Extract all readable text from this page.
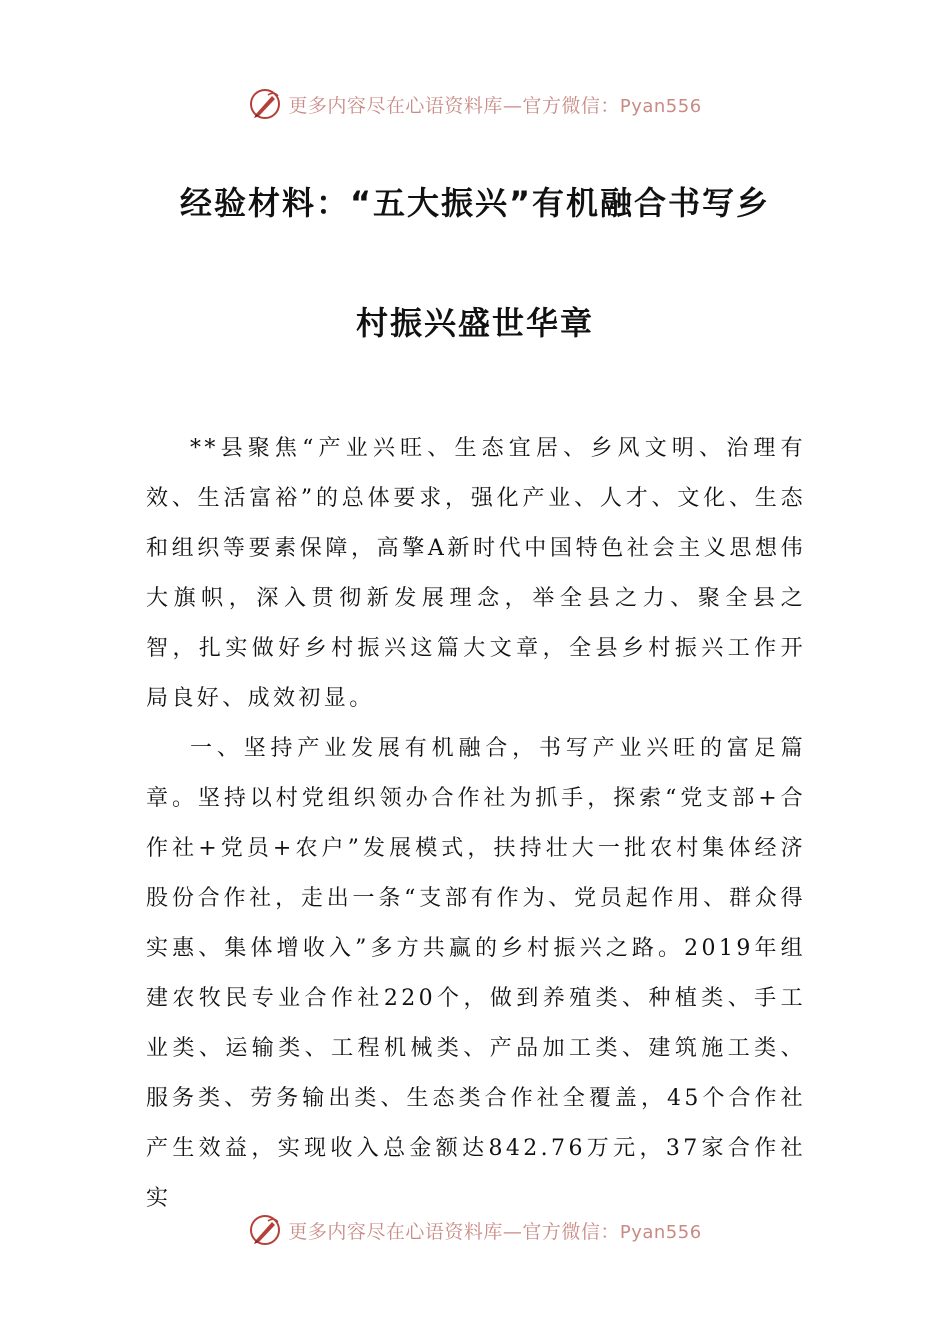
更多内容尽在心语资料库—官方微信：Pyan556
经验材料：“五大振兴”有机融合书写乡
村振兴盛世华章

**县聚焦“产业兴旺、生态宜居、乡风文明、治理有效、生活富裕”的总体要求，强化产业、人才、文化、生态和组织等要素保障，高擎A新时代中国特色社会主义思想伟大旗帜，深入贯彻新发展理念，举全县之力、聚全县之智，扎实做好乡村振兴这篇大文章，全县乡村振兴工作开局良好、成效初显。

一、坚持产业发展有机融合，书写产业兴旺的富足篇章。坚持以村党组织领办合作社为抓手，探索“党支部+合作社+党员+农户”发展模式，扶持壮大一批农村集体经济股份合作社，走出一条“支部有作为、党员起作用、群众得实惠、集体增收入”多方共赢的乡村振兴之路。2019年组建农牧民专业合作社220个，做到养殖类、种植类、手工业类、运输类、工程机械类、产品加工类、建筑施工类、服务类、劳务输出类、生态类合作社全覆盖，45个合作社产生效益，实现收入总金额达842.76万元，37家合作社实

更多内容尽在心语资料库—官方微信：Pyan556
